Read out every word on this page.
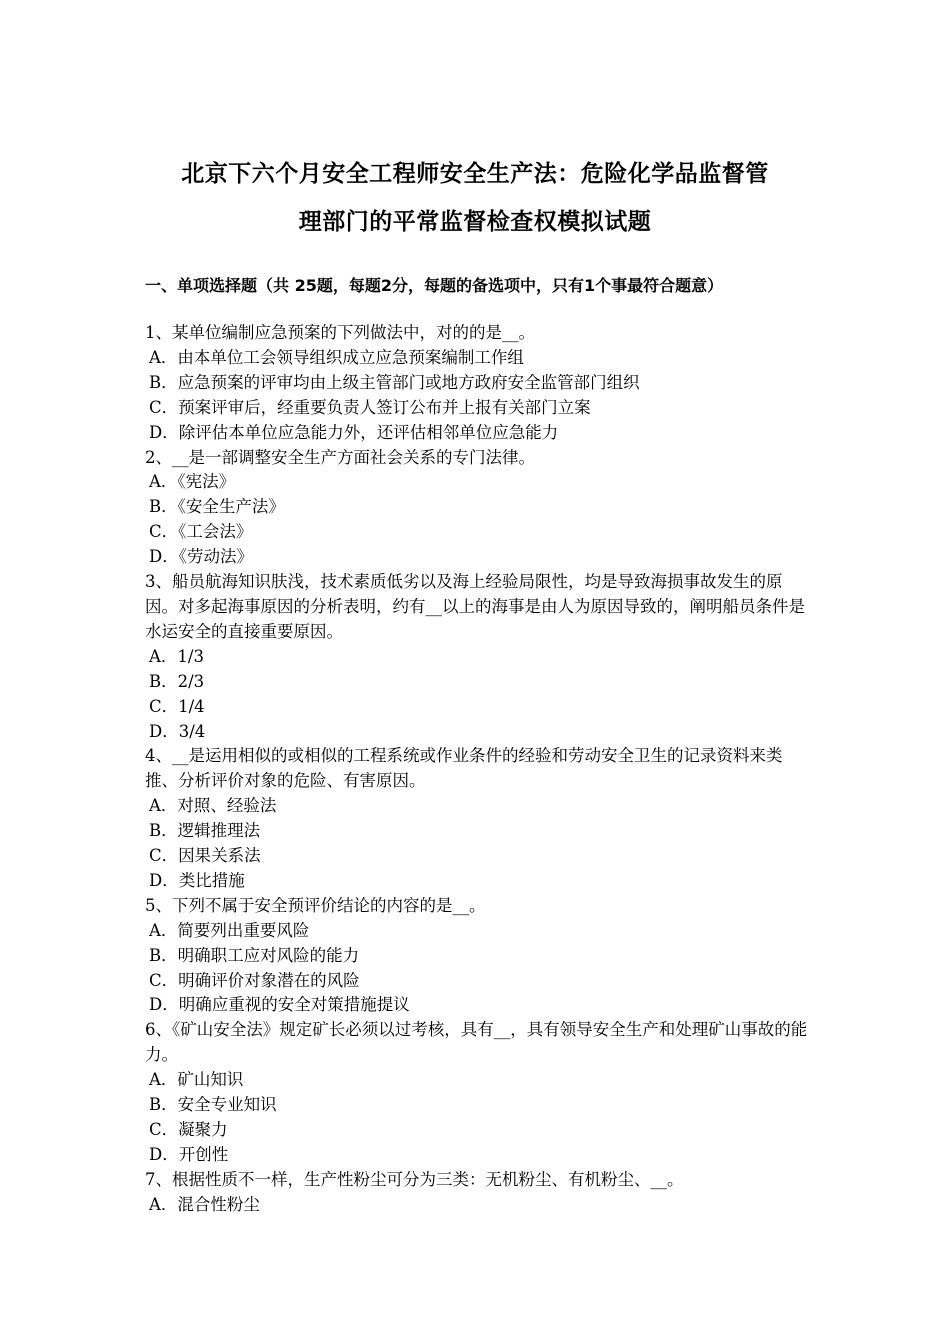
北京下六个月安全工程师安全生产法：危险化学品监督管
理部门的平常监督检查权模拟试题
一、单项选择题（共 25题，每题2分，每题的备选项中，只有1个事最符合题意）

1、某单位编制应急预案的下列做法中，对的的是__。

A．由本单位工会领导组织成立应急预案编制工作组

B．应急预案的评审均由上级主管部门或地方政府安全监管部门组织

C．预案评审后，经重要负责人签订公布并上报有关部门立案

D．除评估本单位应急能力外，还评估相邻单位应急能力

2、__是一部调整安全生产方面社会关系的专门法律。

A．《宪法》

B．《安全生产法》

C．《工会法》

D．《劳动法》

3、船员航海知识肤浅，技术素质低劣以及海上经验局限性，均是导致海损事故发生的原因。对多起海事原因的分析表明，约有__以上的海事是由人为原因导致的，阐明船员条件是水运安全的直接重要原因。

A．1/3

B．2/3

C．1/4

D．3/4

4、__是运用相似的或相似的工程系统或作业条件的经验和劳动安全卫生的记录资料来类推、分析评价对象的危险、有害原因。

A．对照、经验法

B．逻辑推理法

C．因果关系法

D．类比措施

5、下列不属于安全预评价结论的内容的是__。

A．简要列出重要风险

B．明确职工应对风险的能力

C．明确评价对象潜在的风险

D．明确应重视的安全对策措施提议

6、《矿山安全法》规定矿长必须以过考核，具有__，具有领导安全生产和处理矿山事故的能力。

A．矿山知识

B．安全专业知识

C．凝聚力

D．开创性

7、根据性质不一样，生产性粉尘可分为三类：无机粉尘、有机粉尘、__。

A．混合性粉尘
